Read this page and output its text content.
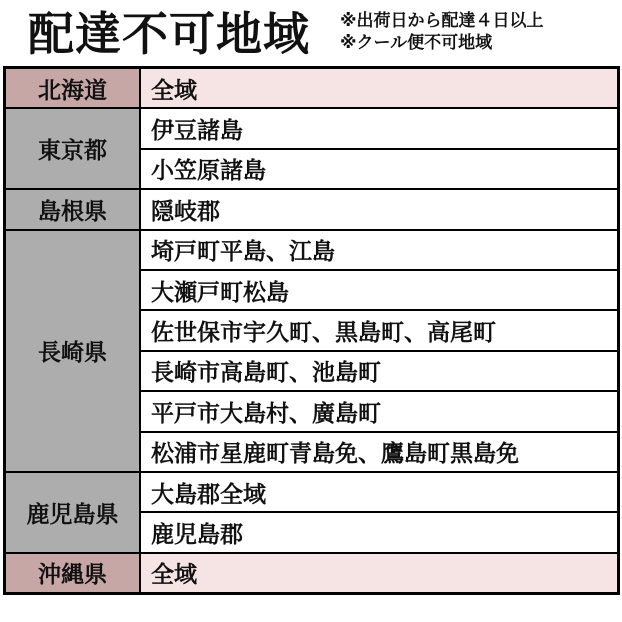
配達不可地域 ※出荷日から配達４日以上
※クール便不可地域
北海道	全域
東京都	伊豆諸島
	小笠原諸島
島根県	隠岐郡
長崎県	埼戸町平島、江島
	大瀬戸町松島
	佐世保市宇久町、黒島町、高尾町
	長崎市高島町、池島町
	平戸市大島村、廣島町
	松浦市星鹿町青島免、鷹島町黒島免
鹿児島県	大島郡全域
	鹿児島郡
沖縄県	全域
